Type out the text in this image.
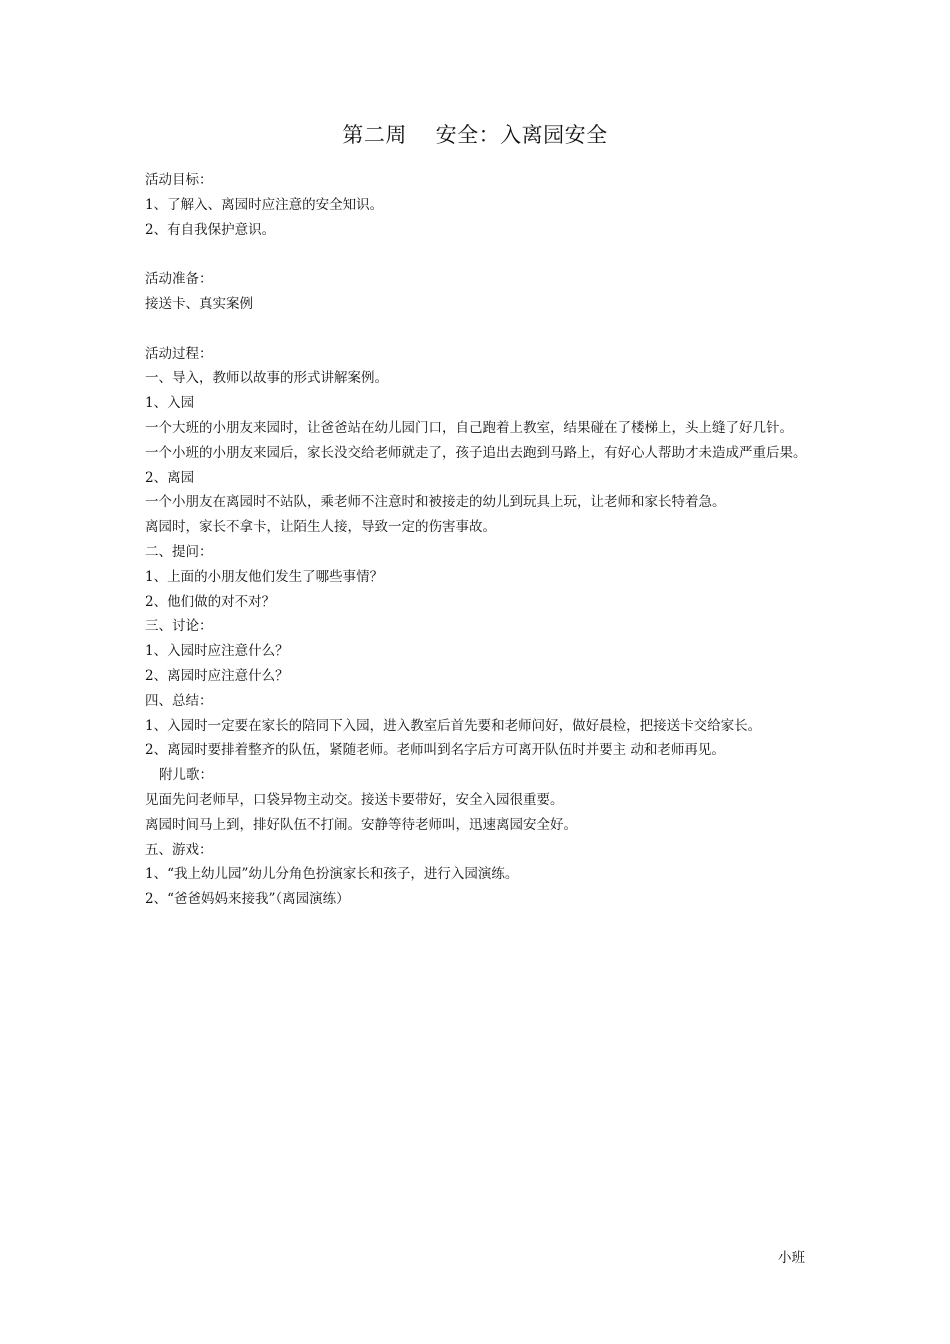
第二周    安全：入离园安全

活动目标：

1、了解入、离园时应注意的安全知识。

2、有自我保护意识。

活动准备：

接送卡、真实案例

活动过程：

一、导入，教师以故事的形式讲解案例。

1、入园

一个大班的小朋友来园时，让爸爸站在幼儿园门口，自己跑着上教室，结果碰在了楼梯上，头上缝了好几针。

一个小班的小朋友来园后，家长没交给老师就走了，孩子追出去跑到马路上，有好心人帮助才未造成严重后果。

2、离园

一个小朋友在离园时不站队，乘老师不注意时和被接走的幼儿到玩具上玩，让老师和家长特着急。

离园时，家长不拿卡，让陌生人接，导致一定的伤害事故。

二、提问：

1、上面的小朋友他们发生了哪些事情？

2、他们做的对不对？

三、讨论：

1、入园时应注意什么？

2、离园时应注意什么？

四、总结：

1、入园时一定要在家长的陪同下入园，进入教室后首先要和老师问好，做好晨检，把接送卡交给家长。

2、离园时要排着整齐的队伍，紧随老师。老师叫到名字后方可离开队伍时并要主 动和老师再见。

附儿歌：

见面先问老师早，口袋异物主动交。接送卡要带好，安全入园很重要。

离园时间马上到，排好队伍不打闹。安静等待老师叫，迅速离园安全好。

五、游戏：

1、“我上幼儿园”幼儿分角色扮演家长和孩子，进行入园演练。

2、“爸爸妈妈来接我”（离园演练）

小班
